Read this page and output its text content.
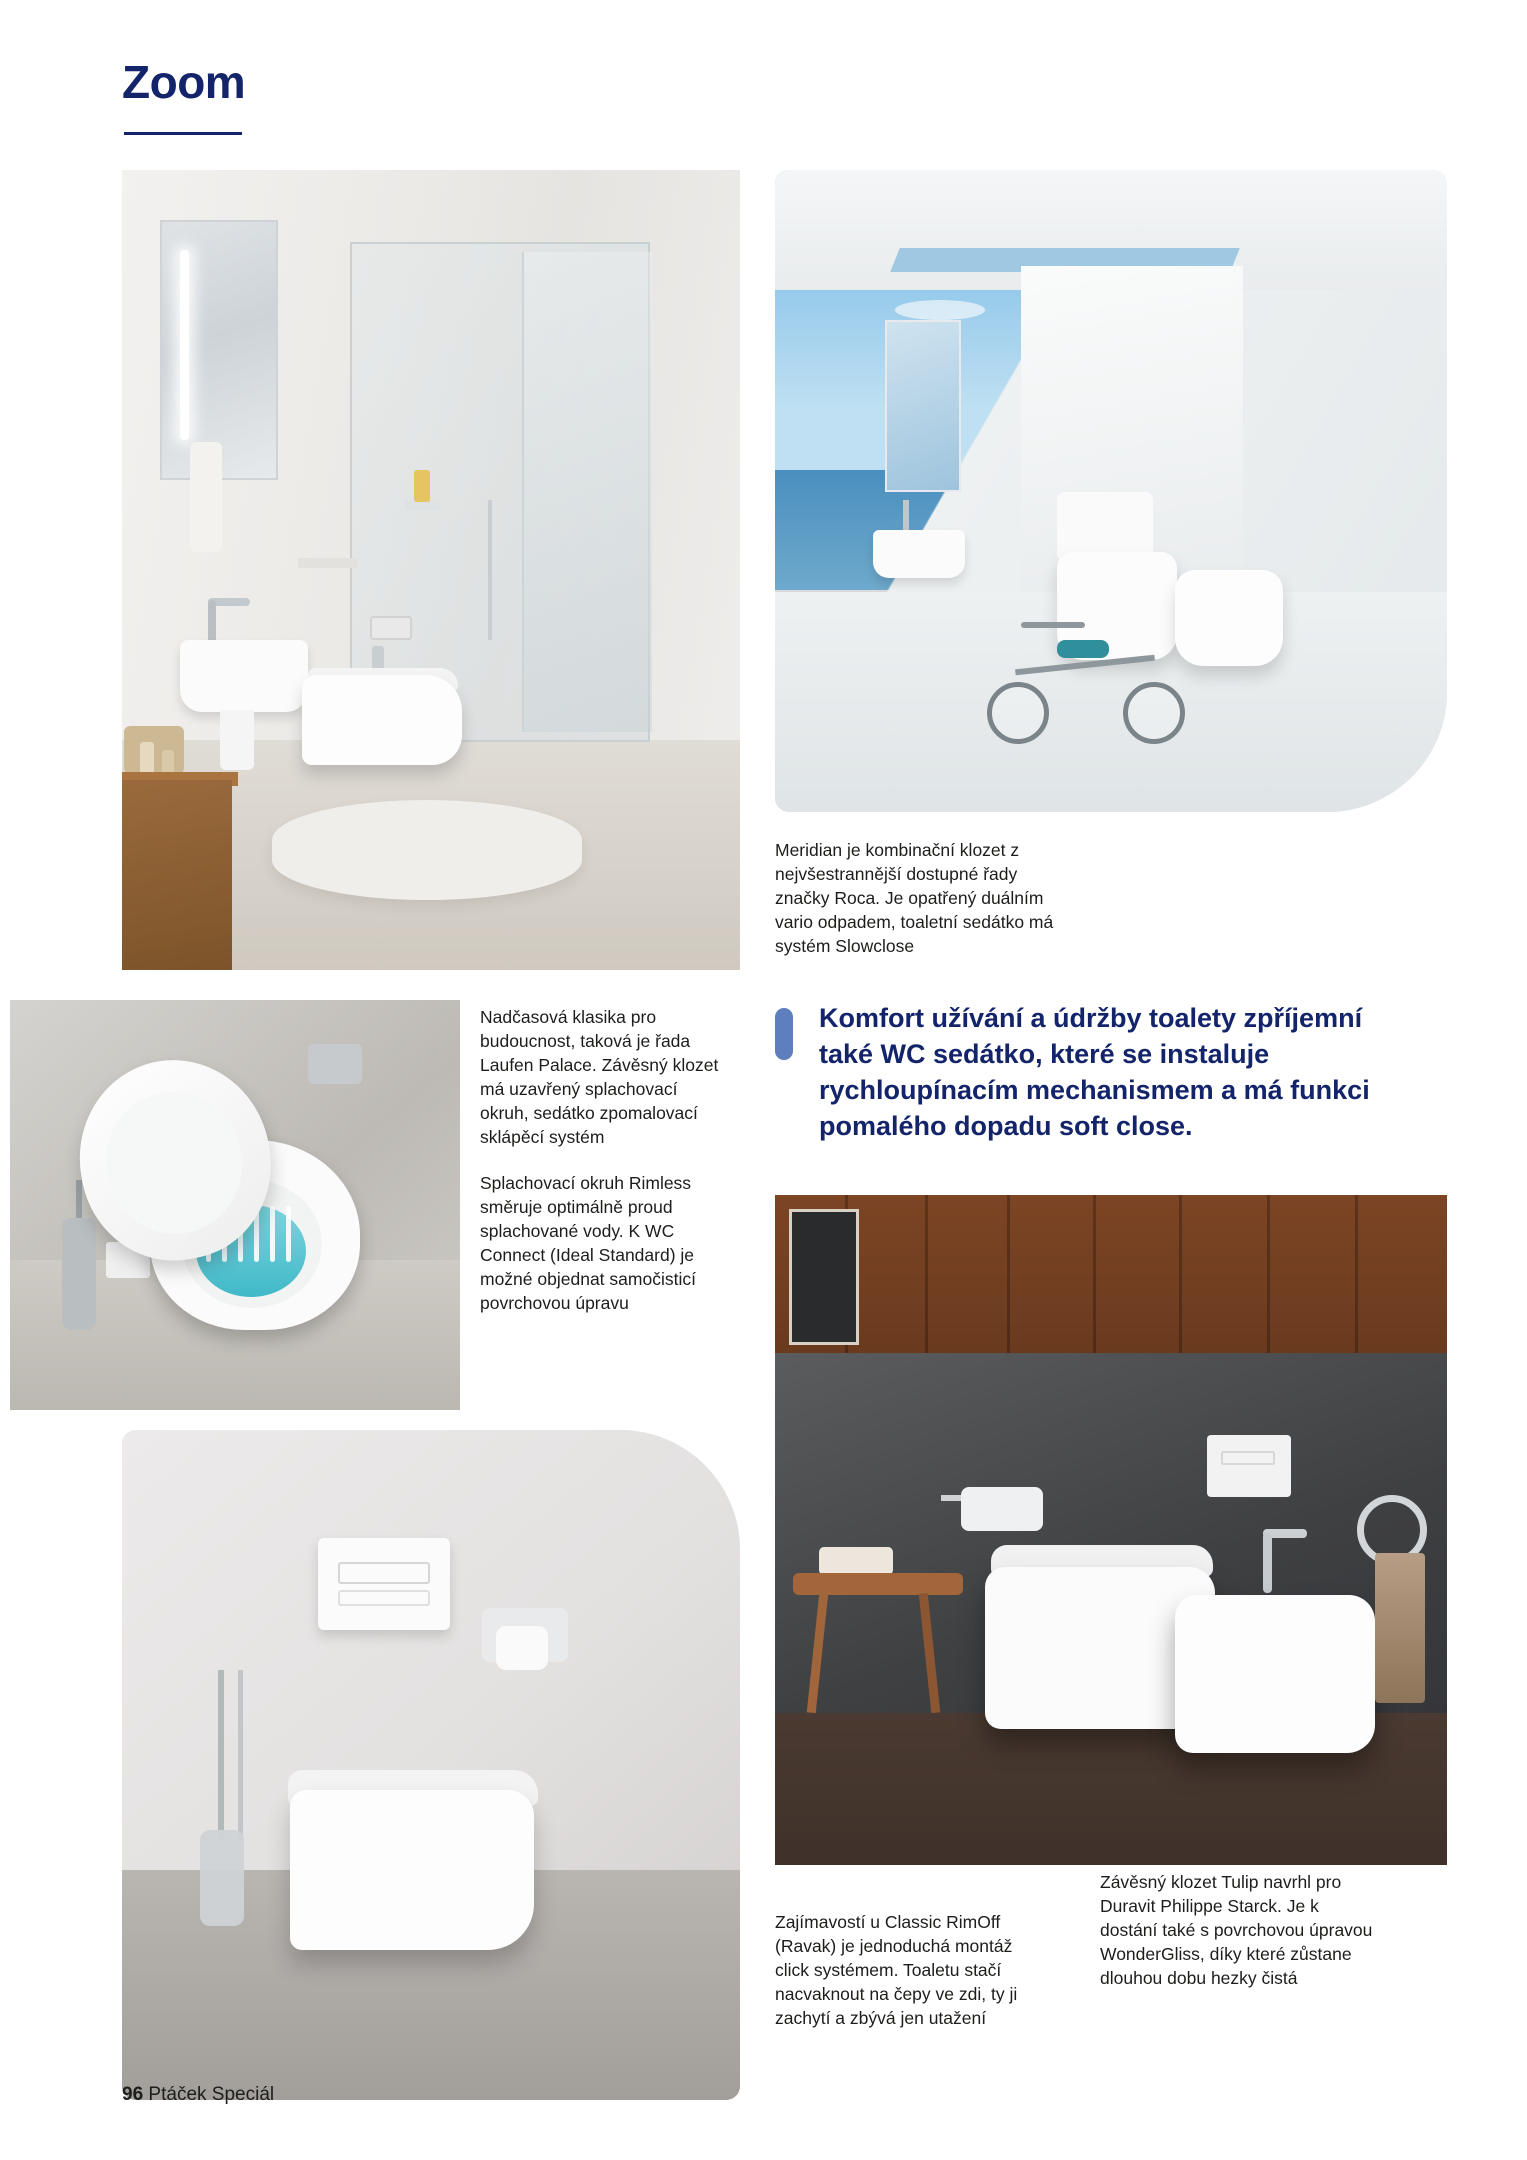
Zoom

Meridian je kombinační klozet z nejvšestrannější dostupné řady značky Roca. Je opatřený duálním vario odpadem, toaletní sedátko má systém Slowclose

Nadčasová klasika pro budoucnost, taková je řada Laufen Palace. Závěsný klozet má uzavřený splachovací okruh, sedátko zpomalovací sklápěcí systém

Splachovací okruh Rimless směruje optimálně proud splachované vody. K WC Connect (Ideal Standard) je možné objednat samočisticí povrchovou úpravu

Komfort užívání a údržby toalety zpříjemní také WC sedátko, které se instaluje rychloupínacím mechanismem a má funkci pomalého dopadu soft close.

Zajímavostí u Classic RimOff (Ravak) je jednoduchá montáž click systémem. Toaletu stačí nacvaknout na čepy ve zdi, ty ji zachytí a zbývá jen utažení

Závěsný klozet Tulip navrhl pro Duravit Philippe Starck. Je k dostání také s povrchovou úpravou WonderGliss, díky které zůstane dlouhou dobu hezky čistá

96 Ptáček Speciál
